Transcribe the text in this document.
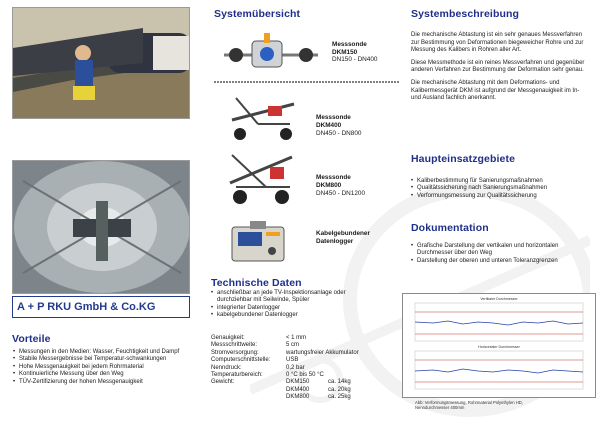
A + P RKU GmbH & Co.KG
Vorteile
• Messungen in den Medien: Wasser, Feuchtigkeit und Dampf
• Stabile Messergebnisse bei Temperatur-schwankungen
• Hohe Messgenauigkeit bei jedem Rohrmaterial
• Kontinuierliche Messung über den Weg
• TÜV-Zertifizierung der hohen Messgenauigkeit
Systemübersicht
Messsonde
DKM150
DN150 - DN400
Messsonde
DKM400
DN450 - DN800
Messsonde
DKM800
DN450 - DN1200
Kabelgebundener
Datenlogger
Technische Daten
• anschließbar an jede TV-Inspektionsanlage oder durchziehbar mit Seilwinde, Spüler
• integrierter Datenlogger
• kabelgebundener Datenlogger
Genauigkeit:	< 1 mm
Messschrittweite:	5 cm
Stromversorgung:	wartungsfreier Akkumulator
Computerschnittstelle:	USB
Nenndruck:	0,2 bar
Temperaturbereich:	0 °C bis 50 °C
Gewicht:	DKM150	ca. 14kg
DKM400	ca. 20kg
DKM800	ca. 25kg
Systembeschreibung

Die mechanische Abtastung ist ein sehr genaues Messverfahren zur Bestimmung von Deformationen biegeweicher Rohre und zur Messung des Kalibers in Rohren aller Art.

Diese Messmethode ist ein reines Messverfahren und gegenüber anderen Verfahren zur Bestimmung der Deformation sehr genau.

Die mechanische Abtastung mit dem Deformations- und Kalibermessgerät DKM ist aufgrund der Messgenauigkeit im In- und Ausland fachlich anerkannt.

Haupteinsatzgebiete
• Kaliberbestimmung für Sanierungsmaßnahmen
• Qualitätssicherung nach Sanierungsmaßnahmen
• Verformungsmessung zur Qualitätssicherung
Dokumentation
• Grafische Darstellung der vertikalen und horizontalen Durchmesser über den Weg
• Darstellung der oberen und unteren Toleranzgrenzen
Vertikaler Durchmesser
Horizontaler Durchmesser
Abb: Verformungsmessung, Rohrmaterial Polyethylen HD,
Nenndurchmesser 400mm
